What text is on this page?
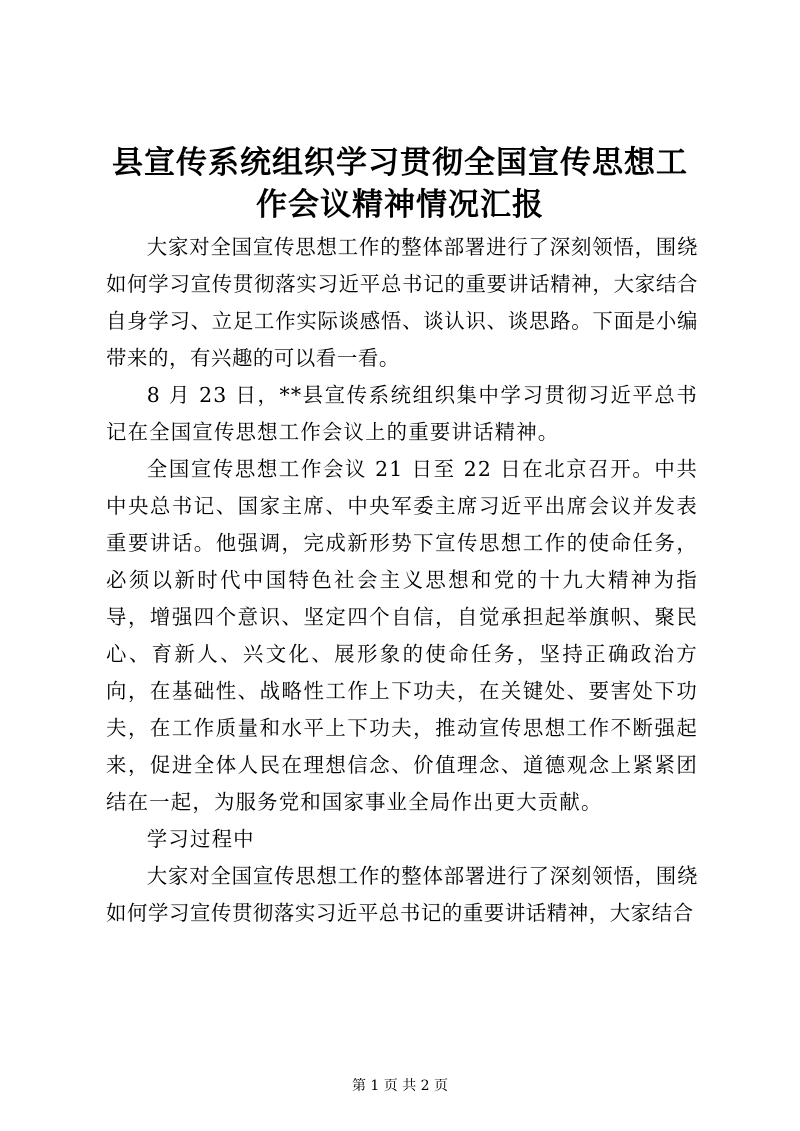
县宣传系统组织学习贯彻全国宣传思想工作会议精神情况汇报

大家对全国宣传思想工作的整体部署进行了深刻领悟，围绕如何学习宣传贯彻落实习近平总书记的重要讲话精神，大家结合自身学习、立足工作实际谈感悟、谈认识、谈思路。下面是小编带来的，有兴趣的可以看一看。

8 月 23 日，**县宣传系统组织集中学习贯彻习近平总书记在全国宣传思想工作会议上的重要讲话精神。

全国宣传思想工作会议 21 日至 22 日在北京召开。中共中央总书记、国家主席、中央军委主席习近平出席会议并发表重要讲话。他强调，完成新形势下宣传思想工作的使命任务，必须以新时代中国特色社会主义思想和党的十九大精神为指导，增强四个意识、坚定四个自信，自觉承担起举旗帜、聚民心、育新人、兴文化、展形象的使命任务，坚持正确政治方向，在基础性、战略性工作上下功夫，在关键处、要害处下功夫，在工作质量和水平上下功夫，推动宣传思想工作不断强起来，促进全体人民在理想信念、价值理念、道德观念上紧紧团结在一起，为服务党和国家事业全局作出更大贡献。

学习过程中

大家对全国宣传思想工作的整体部署进行了深刻领悟，围绕如何学习宣传贯彻落实习近平总书记的重要讲话精神，大家结合

第 1 页 共 2 页
